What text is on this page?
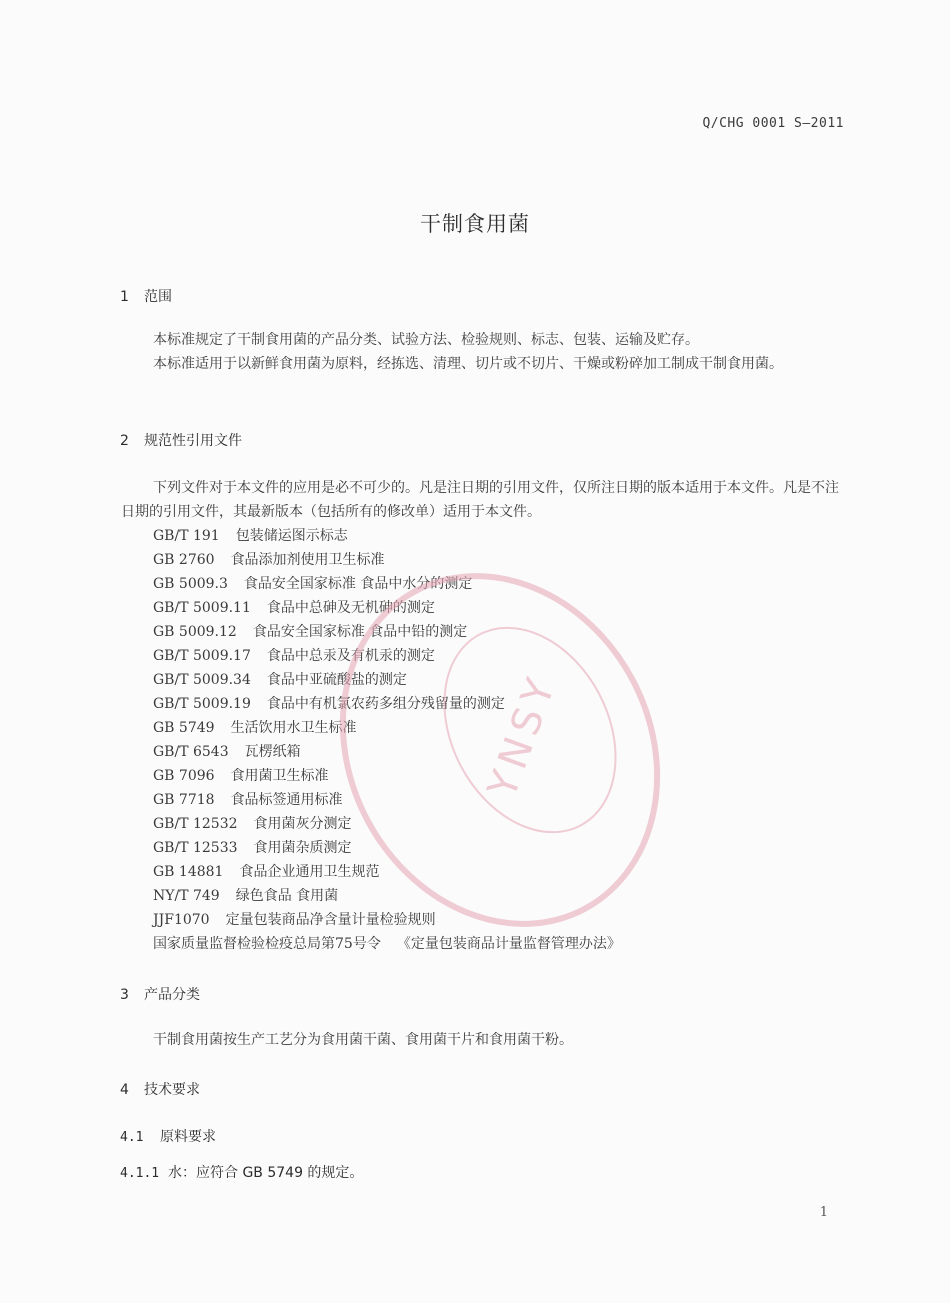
Q/CHG 0001 S—2011
干制食用菌
1 范围

本标准规定了干制食用菌的产品分类、试验方法、检验规则、标志、包装、运输及贮存。

本标准适用于以新鲜食用菌为原料，经拣选、清理、切片或不切片、干燥或粉碎加工制成干制食用菌。

2 规范性引用文件

下列文件对于本文件的应用是必不可少的。凡是注日期的引用文件，仅所注日期的版本适用于本文件。凡是不注日期的引用文件，其最新版本（包括所有的修改单）适用于本文件。

GB/T 191 包装储运图示标志
GB 2760 食品添加剂使用卫生标准
GB 5009.3 食品安全国家标准 食品中水分的测定
GB/T 5009.11 食品中总砷及无机砷的测定
GB 5009.12 食品安全国家标准 食品中铅的测定
GB/T 5009.17 食品中总汞及有机汞的测定
GB/T 5009.34 食品中亚硫酸盐的测定
GB/T 5009.19 食品中有机氯农药多组分残留量的测定
GB 5749 生活饮用水卫生标准
GB/T 6543 瓦楞纸箱
GB 7096 食用菌卫生标准
GB 7718 食品标签通用标准
GB/T 12532 食用菌灰分测定
GB/T 12533 食用菌杂质测定
GB 14881 食品企业通用卫生规范
NY/T 749 绿色食品 食用菌
JJF1070 定量包装商品净含量计量检验规则
国家质量监督检验检疫总局第75号令 《定量包装商品计量监督管理办法》
3 产品分类

干制食用菌按生产工艺分为食用菌干菌、食用菌干片和食用菌干粉。

4 技术要求
4.1 原料要求
4.1.1 水：应符合 GB 5749 的规定。
YNSY
1
